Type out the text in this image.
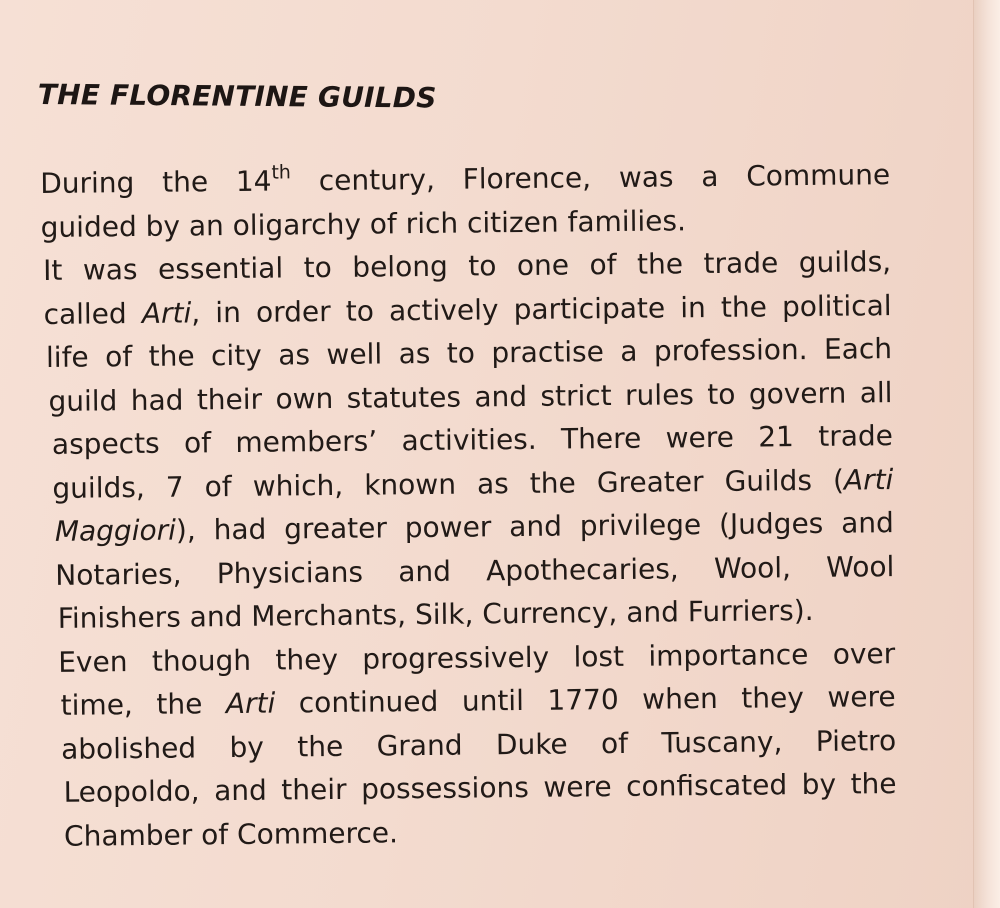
THE FLORENTINE GUILDS
During the 14th century, Florence, was a Commune
guided by an oligarchy of rich citizen families.
It was essential to belong to one of the trade guilds,
called Arti, in order to actively participate in the political
life of the city as well as to practise a profession. Each
guild had their own statutes and strict rules to govern all
aspects of members’ activities. There were 21 trade
guilds, 7 of which, known as the Greater Guilds (Arti
Maggiori), had greater power and privilege (Judges and
Notaries, Physicians and Apothecaries, Wool, Wool
Finishers and Merchants, Silk, Currency, and Furriers).
Even though they progressively lost importance over
time, the Arti continued until 1770 when they were
abolished by the Grand Duke of Tuscany, Pietro
Leopoldo, and their possessions were confiscated by the
Chamber of Commerce.
